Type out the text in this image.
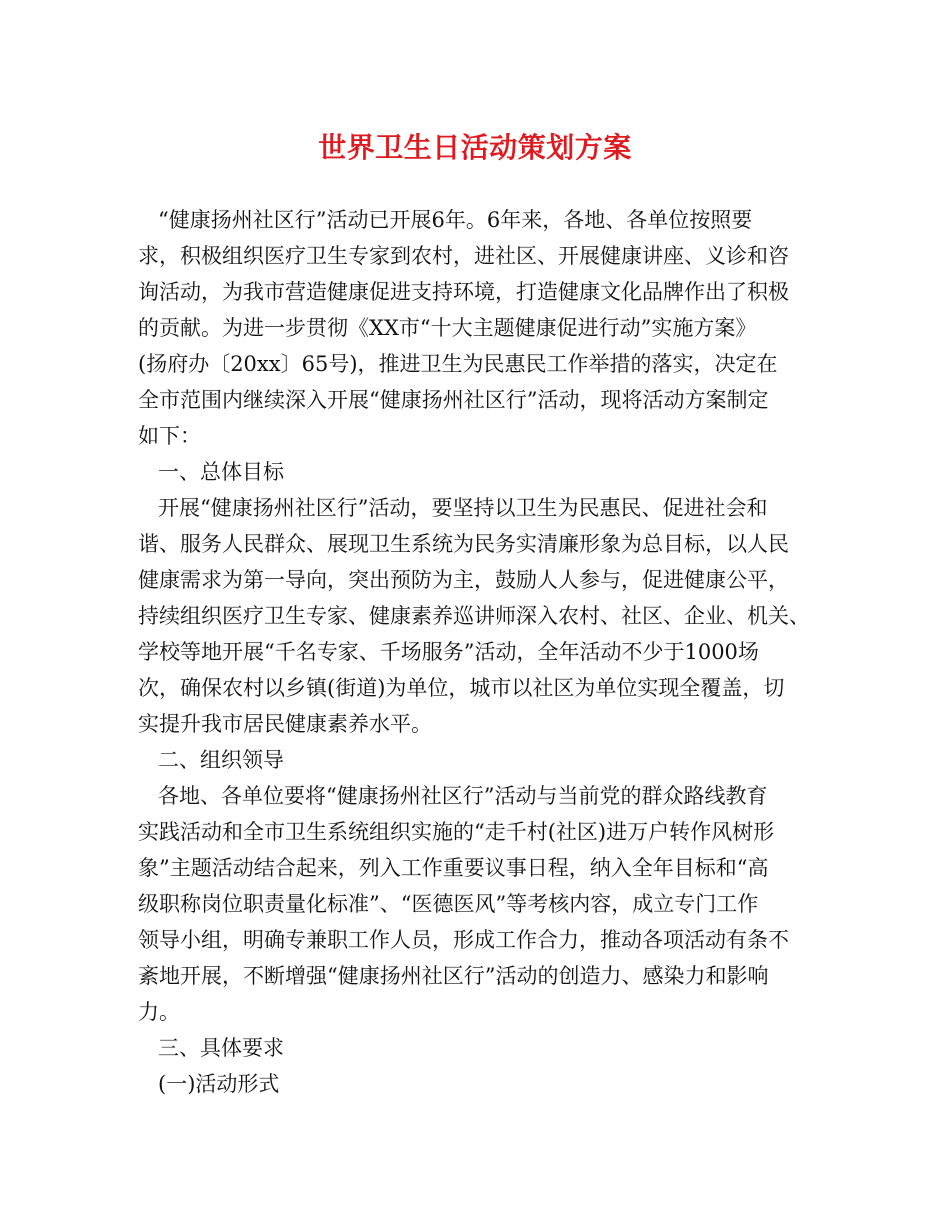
世界卫生日活动策划方案
“健康扬州社区行”活动已开展6年。6年来，各地、各单位按照要
求，积极组织医疗卫生专家到农村，进社区、开展健康讲座、义诊和咨
询活动，为我市营造健康促进支持环境，打造健康文化品牌作出了积极
的贡献。为进一步贯彻《XX市“十大主题健康促进行动”实施方案》
(扬府办〔20xx〕65号)，推进卫生为民惠民工作举措的落实，决定在
全市范围内继续深入开展“健康扬州社区行”活动，现将活动方案制定
如下：
一、总体目标
开展“健康扬州社区行”活动，要坚持以卫生为民惠民、促进社会和
谐、服务人民群众、展现卫生系统为民务实清廉形象为总目标，以人民
健康需求为第一导向，突出预防为主，鼓励人人参与，促进健康公平，
持续组织医疗卫生专家、健康素养巡讲师深入农村、社区、企业、机关、
学校等地开展“千名专家、千场服务”活动，全年活动不少于1000场
次，确保农村以乡镇(街道)为单位，城市以社区为单位实现全覆盖，切
实提升我市居民健康素养水平。
二、组织领导
各地、各单位要将“健康扬州社区行”活动与当前党的群众路线教育
实践活动和全市卫生系统组织实施的“走千村(社区)进万户转作风树形
象”主题活动结合起来，列入工作重要议事日程，纳入全年目标和“高
级职称岗位职责量化标准”、“医德医风”等考核内容，成立专门工作
领导小组，明确专兼职工作人员，形成工作合力，推动各项活动有条不
紊地开展，不断增强“健康扬州社区行”活动的创造力、感染力和影响
力。
三、具体要求
(一)活动形式
